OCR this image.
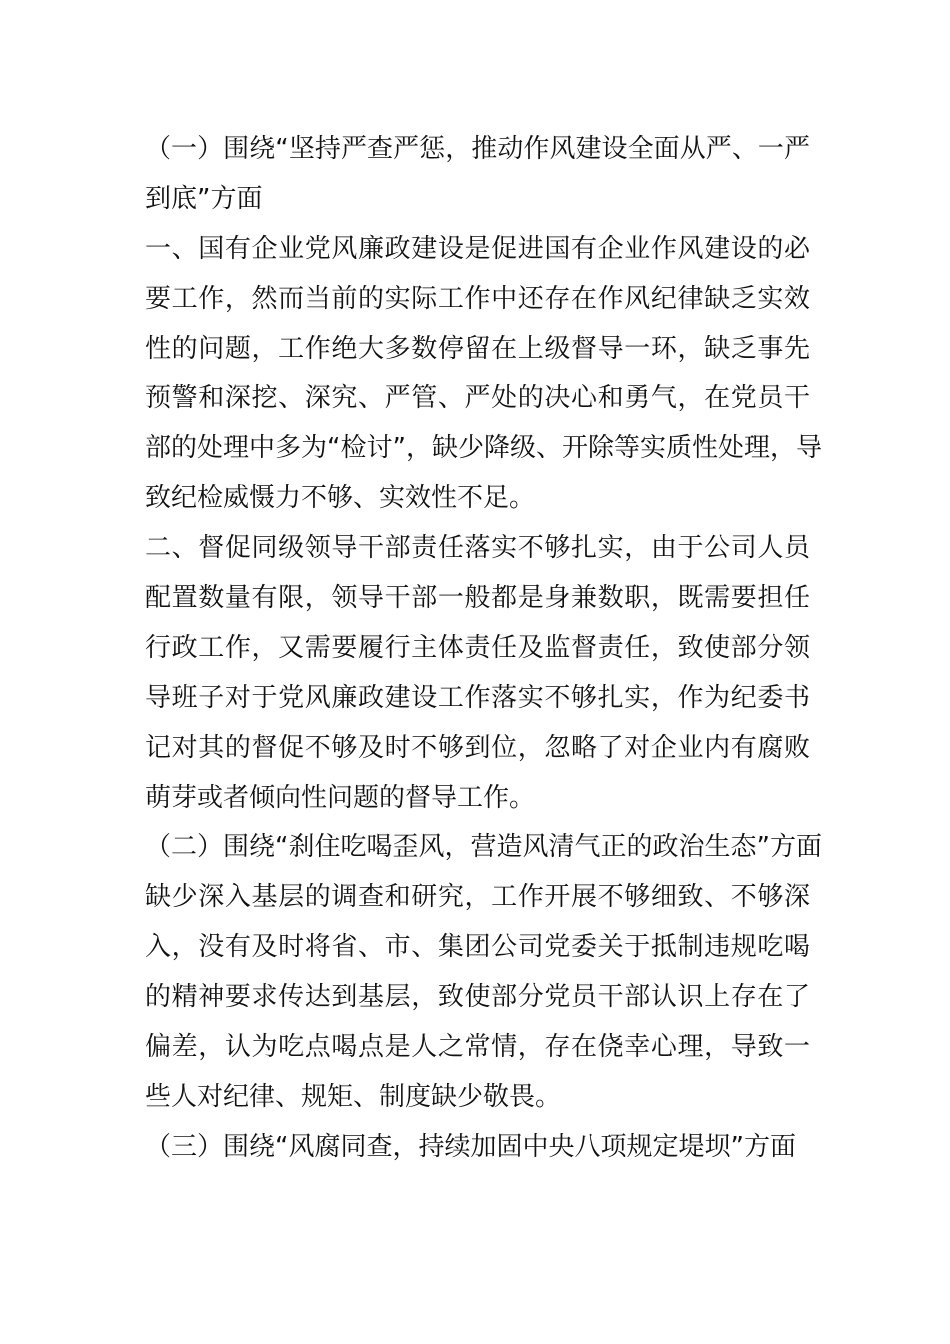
（一）围绕“坚持严查严惩，推动作风建设全面从严、一严
到底”方面
一、国有企业党风廉政建设是促进国有企业作风建设的必
要工作，然而当前的实际工作中还存在作风纪律缺乏实效
性的问题，工作绝大多数停留在上级督导一环，缺乏事先
预警和深挖、深究、严管、严处的决心和勇气，在党员干
部的处理中多为“检讨”，缺少降级、开除等实质性处理，导
致纪检威慑力不够、实效性不足。
二、督促同级领导干部责任落实不够扎实，由于公司人员
配置数量有限，领导干部一般都是身兼数职，既需要担任
行政工作，又需要履行主体责任及监督责任，致使部分领
导班子对于党风廉政建设工作落实不够扎实，作为纪委书
记对其的督促不够及时不够到位，忽略了对企业内有腐败
萌芽或者倾向性问题的督导工作。
（二）围绕“刹住吃喝歪风，营造风清气正的政治生态”方面
缺少深入基层的调查和研究，工作开展不够细致、不够深
入，没有及时将省、市、集团公司党委关于抵制违规吃喝
的精神要求传达到基层，致使部分党员干部认识上存在了
偏差，认为吃点喝点是人之常情，存在侥幸心理，导致一
些人对纪律、规矩、制度缺少敬畏。
（三）围绕“风腐同查，持续加固中央八项规定堤坝”方面
